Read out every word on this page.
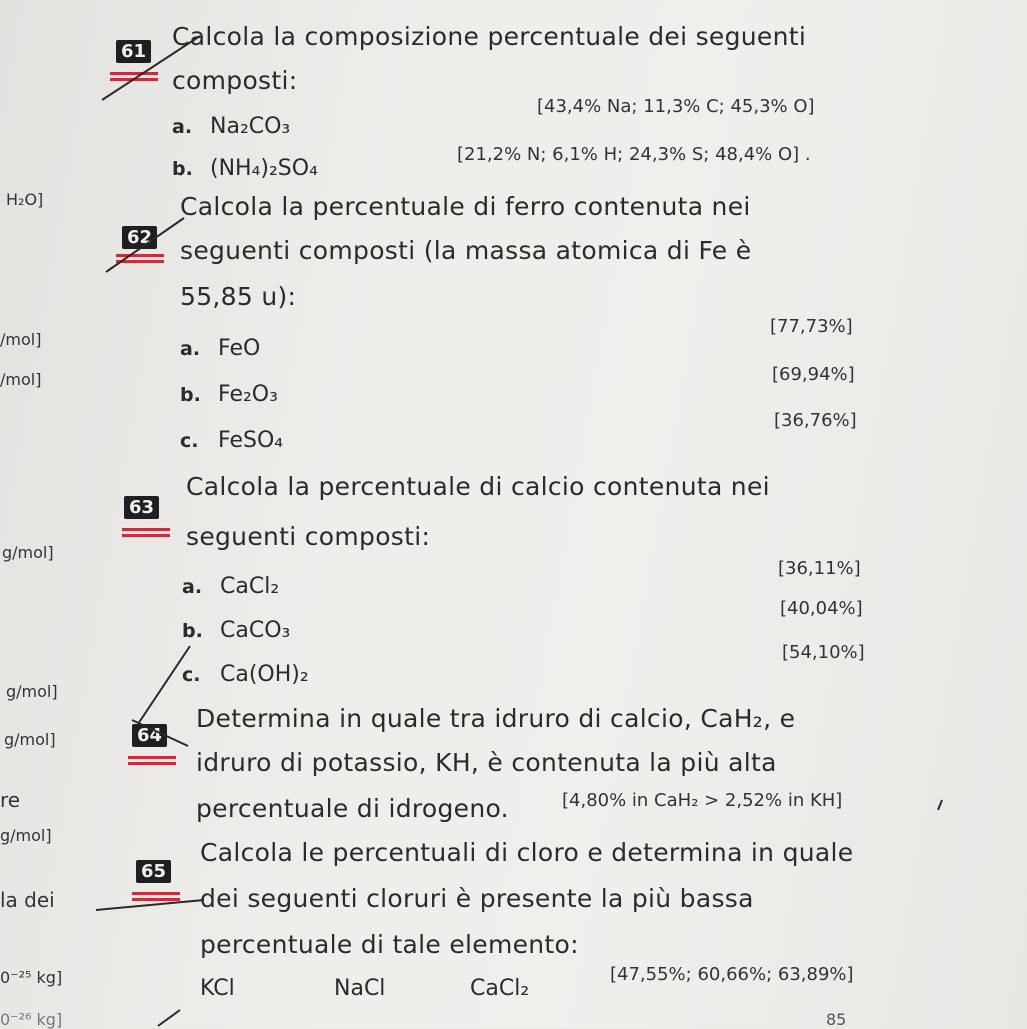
H₂O]
/mol]
/mol]
g/mol]
g/mol]
g/mol]
re
g/mol]
la dei
0⁻²⁵ kg]
0⁻²⁶ kg]
61
Calcola la composizione percentuale dei seguenti
composti:
[43,4% Na; 11,3% C; 45,3% O]
a. Na₂CO₃
b. (NH₄)₂SO₄
[21,2% N; 6,1% H; 24,3% S; 48,4% O] .
62
Calcola la percentuale di ferro contenuta nei
seguenti composti (la massa atomica di Fe è
55,85 u):
[77,73%]
a. FeO
[69,94%]
b. Fe₂O₃
[36,76%]
c. FeSO₄
63
Calcola la percentuale di calcio contenuta nei
seguenti composti:
[36,11%]
a. CaCl₂
[40,04%]
b. CaCO₃
[54,10%]
c. Ca(OH)₂
64
Determina in quale tra idruro di calcio, CaH₂, e
idruro di potassio, KH, è contenuta la più alta
percentuale di idrogeno.	[4,80% in CaH₂ > 2,52% in KH]
65
Calcola le percentuali di cloro e determina in quale
dei seguenti cloruri è presente la più bassa
percentuale di tale elemento:
KCl	NaCl	CaCl₂
[47,55%; 60,66%; 63,89%]
85
